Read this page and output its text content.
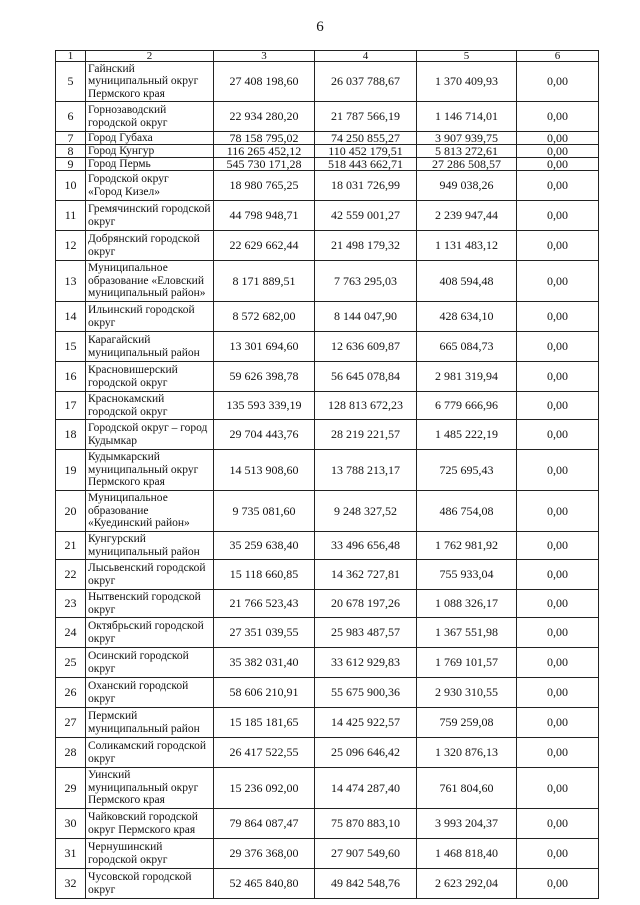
6
1	2	3	4	5	6
5	Гайнский
муниципальный округ
Пермского края	27 408 198,60	26 037 788,67	1 370 409,93	0,00
6	Горнозаводский
городской округ	22 934 280,20	21 787 566,19	1 146 714,01	0,00
7	Город Губаха	78 158 795,02	74 250 855,27	3 907 939,75	0,00
8	Город Кунгур	116 265 452,12	110 452 179,51	5 813 272,61	0,00
9	Город Пермь	545 730 171,28	518 443 662,71	27 286 508,57	0,00
10	Городской округ
«Город Кизел»	18 980 765,25	18 031 726,99	949 038,26	0,00
11	Гремячинский городской
округ	44 798 948,71	42 559 001,27	2 239 947,44	0,00
12	Добрянский городской
округ	22 629 662,44	21 498 179,32	1 131 483,12	0,00
13	Муниципальное
образование «Еловский
муниципальный район»	8 171 889,51	7 763 295,03	408 594,48	0,00
14	Ильинский городской
округ	8 572 682,00	8 144 047,90	428 634,10	0,00
15	Карагайский
муниципальный район	13 301 694,60	12 636 609,87	665 084,73	0,00
16	Красновишерский
городской округ	59 626 398,78	56 645 078,84	2 981 319,94	0,00
17	Краснокамский
городской округ	135 593 339,19	128 813 672,23	6 779 666,96	0,00
18	Городской округ – город
Кудымкар	29 704 443,76	28 219 221,57	1 485 222,19	0,00
19	Кудымкарский
муниципальный округ
Пермского края	14 513 908,60	13 788 213,17	725 695,43	0,00
20	Муниципальное
образование
«Куединский район»	9 735 081,60	9 248 327,52	486 754,08	0,00
21	Кунгурский
муниципальный район	35 259 638,40	33 496 656,48	1 762 981,92	0,00
22	Лысьвенский городской
округ	15 118 660,85	14 362 727,81	755 933,04	0,00
23	Нытвенский городской
округ	21 766 523,43	20 678 197,26	1 088 326,17	0,00
24	Октябрьский городской
округ	27 351 039,55	25 983 487,57	1 367 551,98	0,00
25	Осинский городской
округ	35 382 031,40	33 612 929,83	1 769 101,57	0,00
26	Оханский городской
округ	58 606 210,91	55 675 900,36	2 930 310,55	0,00
27	Пермский
муниципальный район	15 185 181,65	14 425 922,57	759 259,08	0,00
28	Соликамский городской
округ	26 417 522,55	25 096 646,42	1 320 876,13	0,00
29	Уинский
муниципальный округ
Пермского края	15 236 092,00	14 474 287,40	761 804,60	0,00
30	Чайковский городской
округ Пермского края	79 864 087,47	75 870 883,10	3 993 204,37	0,00
31	Чернушинский
городской округ	29 376 368,00	27 907 549,60	1 468 818,40	0,00
32	Чусовской городской
округ	52 465 840,80	49 842 548,76	2 623 292,04	0,00
